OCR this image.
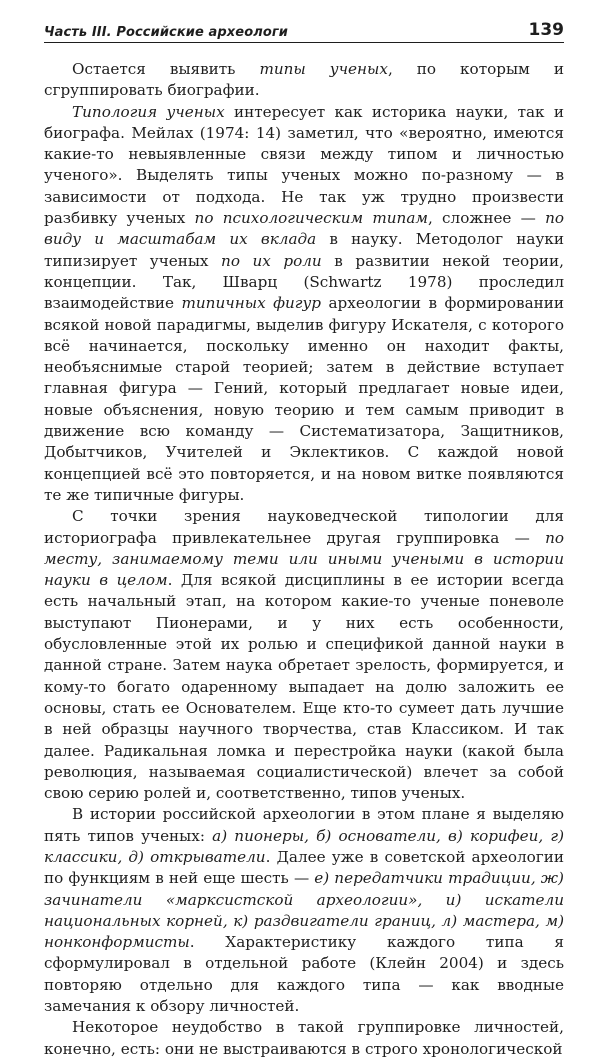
Часть III. Российские археологи	139

Остается выявить типы ученых, по которым и сгруппировать биографии.

Типология ученых интересует как историка науки, так и биографа. Мейлах (1974: 14) заметил, что «вероятно, имеются какие-то невыявленные связи между типом и личностью ученого». Выделять типы ученых можно по-разному — в зависимости от подхода. Не так уж трудно произвести разбивку ученых по психологическим типам, сложнее — по виду и масштабам их вклада в науку. Методолог науки типизирует ученых по их роли в развитии некой теории, концепции. Так, Шварц (Schwartz 1978) проследил взаимодействие типичных фигур археологии в формировании всякой новой парадигмы, выделив фигуру Искателя, с которого всё начинается, поскольку именно он находит факты, необъяснимые старой теорией; затем в действие вступает главная фигура — Гений, который предлагает новые идеи, новые объяснения, новую теорию и тем самым приводит в движение всю команду — Систематизатора, Защитников, Добытчиков, Учителей и Эклектиков. С каждой новой концепцией всё это повторяется, и на новом витке появляются те же типичные фигуры.

С точки зрения науковедческой типологии для историографа привлекательнее другая группировка — по месту, занимаемому теми или иными учеными в истории науки в целом. Для всякой дисциплины в ее истории всегда есть начальный этап, на котором какие-то ученые поневоле выступают Пионерами, и у них есть особенности, обусловленные этой их ролью и спецификой данной науки в данной стране. Затем наука обретает зрелость, формируется, и кому-то богато одаренному выпадает на долю заложить ее основы, стать ее Основателем. Еще кто-то сумеет дать лучшие в ней образцы научного творчества, став Классиком. И так далее. Радикальная ломка и перестройка науки (какой была революция, называемая социалистической) влечет за собой свою серию ролей и, соответственно, типов ученых.

В истории российской археологии в этом плане я выделяю пять типов ученых: а) пионеры, б) основатели, в) корифеи, г) классики, д) открыватели. Далее уже в советской археологии по функциям в ней еще шесть — е) передатчики традиции, ж) зачинатели «марксистской археологии», и) искатели национальных корней, к) раздвигатели границ, л) мастера, м) нонконформисты. Характеристику каждого типа я сформулировал в отдельной работе (Клейн 2004) и здесь повторяю отдельно для каждого типа — как вводные замечания к обзору личностей.

Некоторое неудобство в такой группировке личностей, конечно, есть: они не выстраиваются в строго хронологической
